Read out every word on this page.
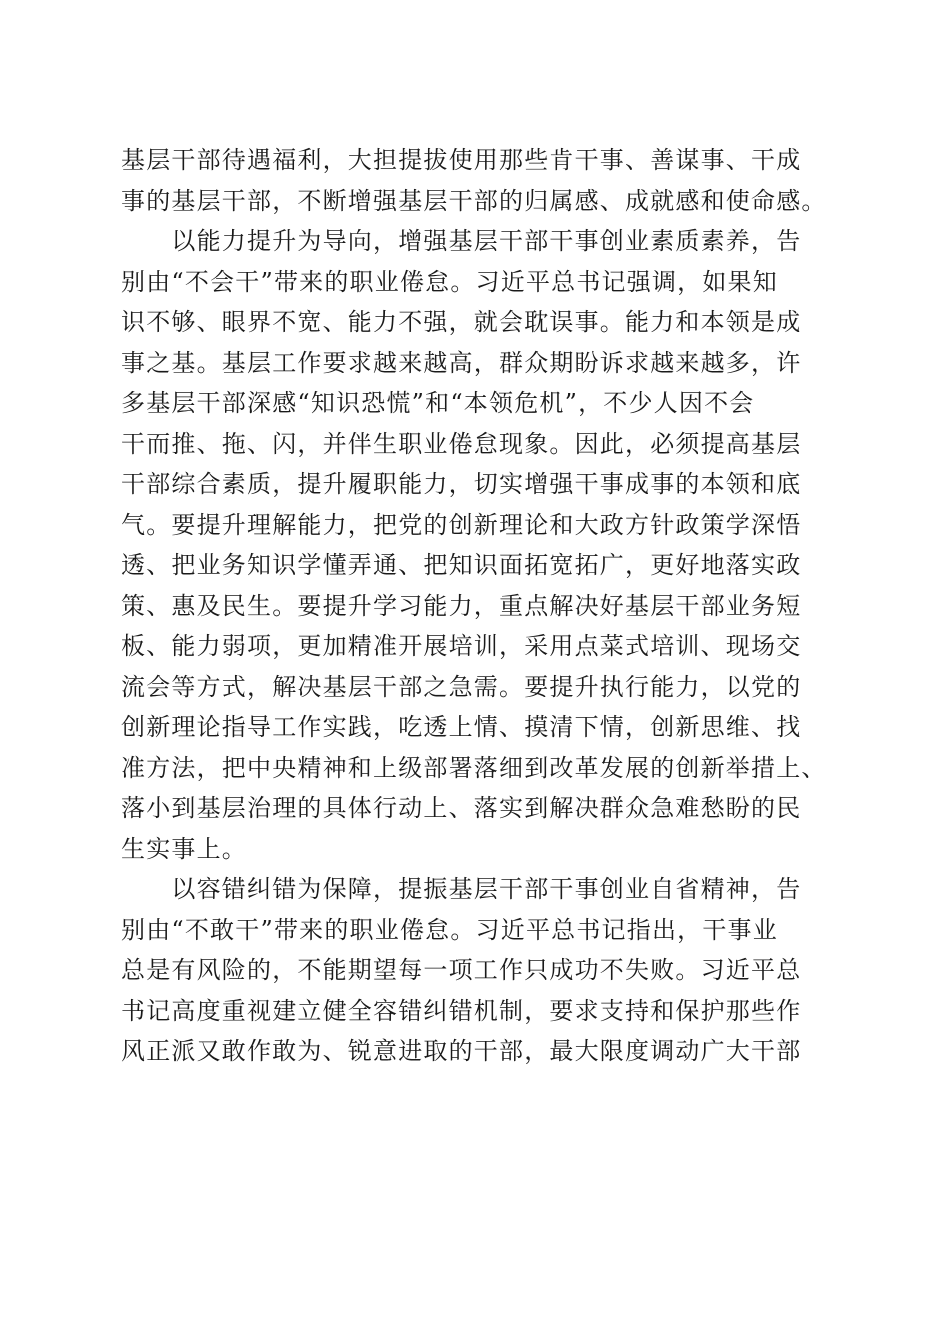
基层干部待遇福利，大担提拔使用那些肯干事、善谋事、干成
事的基层干部，不断增强基层干部的归属感、成就感和使命感。
　　以能力提升为导向，增强基层干部干事创业素质素养，告
别由“不会干”带来的职业倦怠。习近平总书记强调，如果知
识不够、眼界不宽、能力不强，就会耽误事。能力和本领是成
事之基。基层工作要求越来越高，群众期盼诉求越来越多，许
多基层干部深感“知识恐慌”和“本领危机”，不少人因不会
干而推、拖、闪，并伴生职业倦怠现象。因此，必须提高基层
干部综合素质，提升履职能力，切实增强干事成事的本领和底
气。要提升理解能力，把党的创新理论和大政方针政策学深悟
透、把业务知识学懂弄通、把知识面拓宽拓广，更好地落实政
策、惠及民生。要提升学习能力，重点解决好基层干部业务短
板、能力弱项，更加精准开展培训，采用点菜式培训、现场交
流会等方式，解决基层干部之急需。要提升执行能力，以党的
创新理论指导工作实践，吃透上情、摸清下情，创新思维、找
准方法，把中央精神和上级部署落细到改革发展的创新举措上、
落小到基层治理的具体行动上、落实到解决群众急难愁盼的民
生实事上。
　　以容错纠错为保障，提振基层干部干事创业自省精神，告
别由“不敢干”带来的职业倦怠。习近平总书记指出，干事业
总是有风险的，不能期望每一项工作只成功不失败。习近平总
书记高度重视建立健全容错纠错机制，要求支持和保护那些作
风正派又敢作敢为、锐意进取的干部，最大限度调动广大干部
